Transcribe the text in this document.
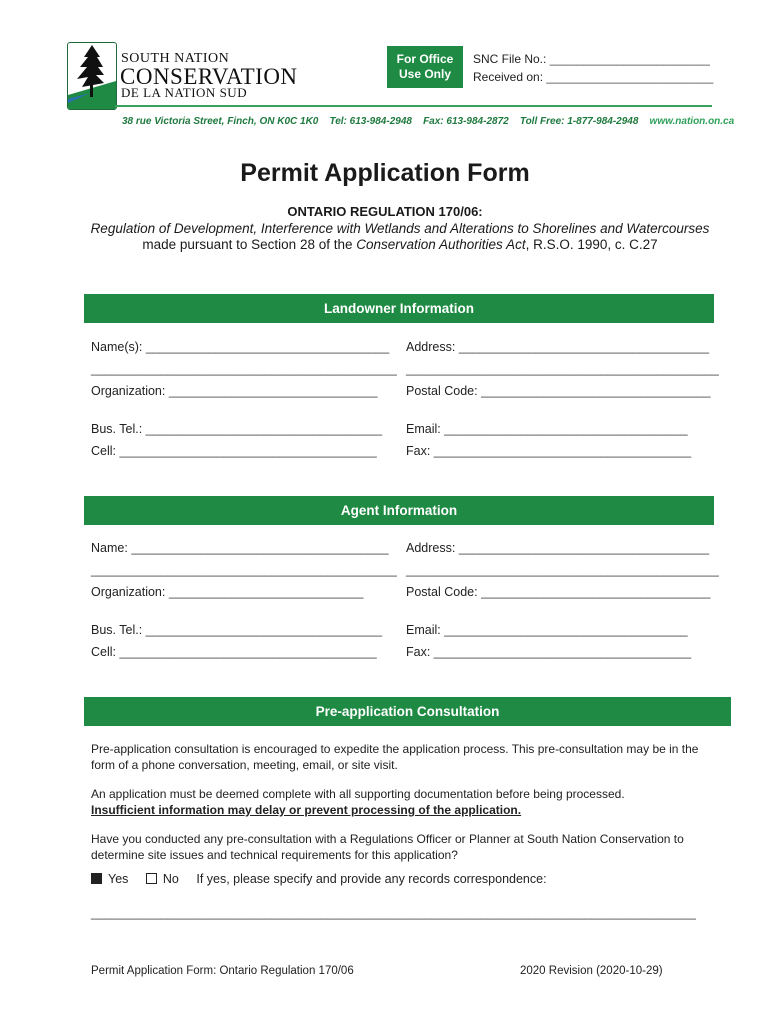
SOUTH NATION
CONSERVATION
DE LA NATION SUD
For Office
Use Only
SNC File No.: ________________________
Received on: _________________________
38 rue Victoria Street, Finch, ON K0C 1K0 Tel: 613-984-2948 Fax: 613-984-2872 Toll Free: 1-877-984-2948 www.nation.on.ca
Permit Application Form
ONTARIO REGULATION 170/06:
Regulation of Development, Interference with Wetlands and Alterations to Shorelines and Watercourses
made pursuant to Section 28 of the Conservation Authorities Act, R.S.O. 1990, c. C.27
Landowner Information
Name(s): ___________________________________ Address: ____________________________________
____________________________________________ _____________________________________________
Organization: ______________________________ Postal Code: _________________________________
Bus. Tel.: __________________________________ Email: ___________________________________
Cell: _____________________________________ Fax: _____________________________________
Agent Information
Name: _____________________________________ Address: ____________________________________
____________________________________________ _____________________________________________
Organization: ____________________________	Postal Code: _________________________________
Bus. Tel.: __________________________________ Email: ___________________________________
Cell: _____________________________________ Fax: _____________________________________
Pre-application Consultation
Pre-application consultation is encouraged to expedite the application process. This pre-consultation may be in the form of a phone conversation, meeting, email, or site visit.
An application must be deemed complete with all supporting documentation before being processed.
Insufficient information may delay or prevent processing of the application.
Have you conducted any pre-consultation with a Regulations Officer or Planner at South Nation Conservation to determine site issues and technical requirements for this application?
Yes	No If yes, please specify and provide any records correspondence:
_______________________________________________________________________________________
Permit Application Form: Ontario Regulation 170/06	2020 Revision (2020-10-29)
